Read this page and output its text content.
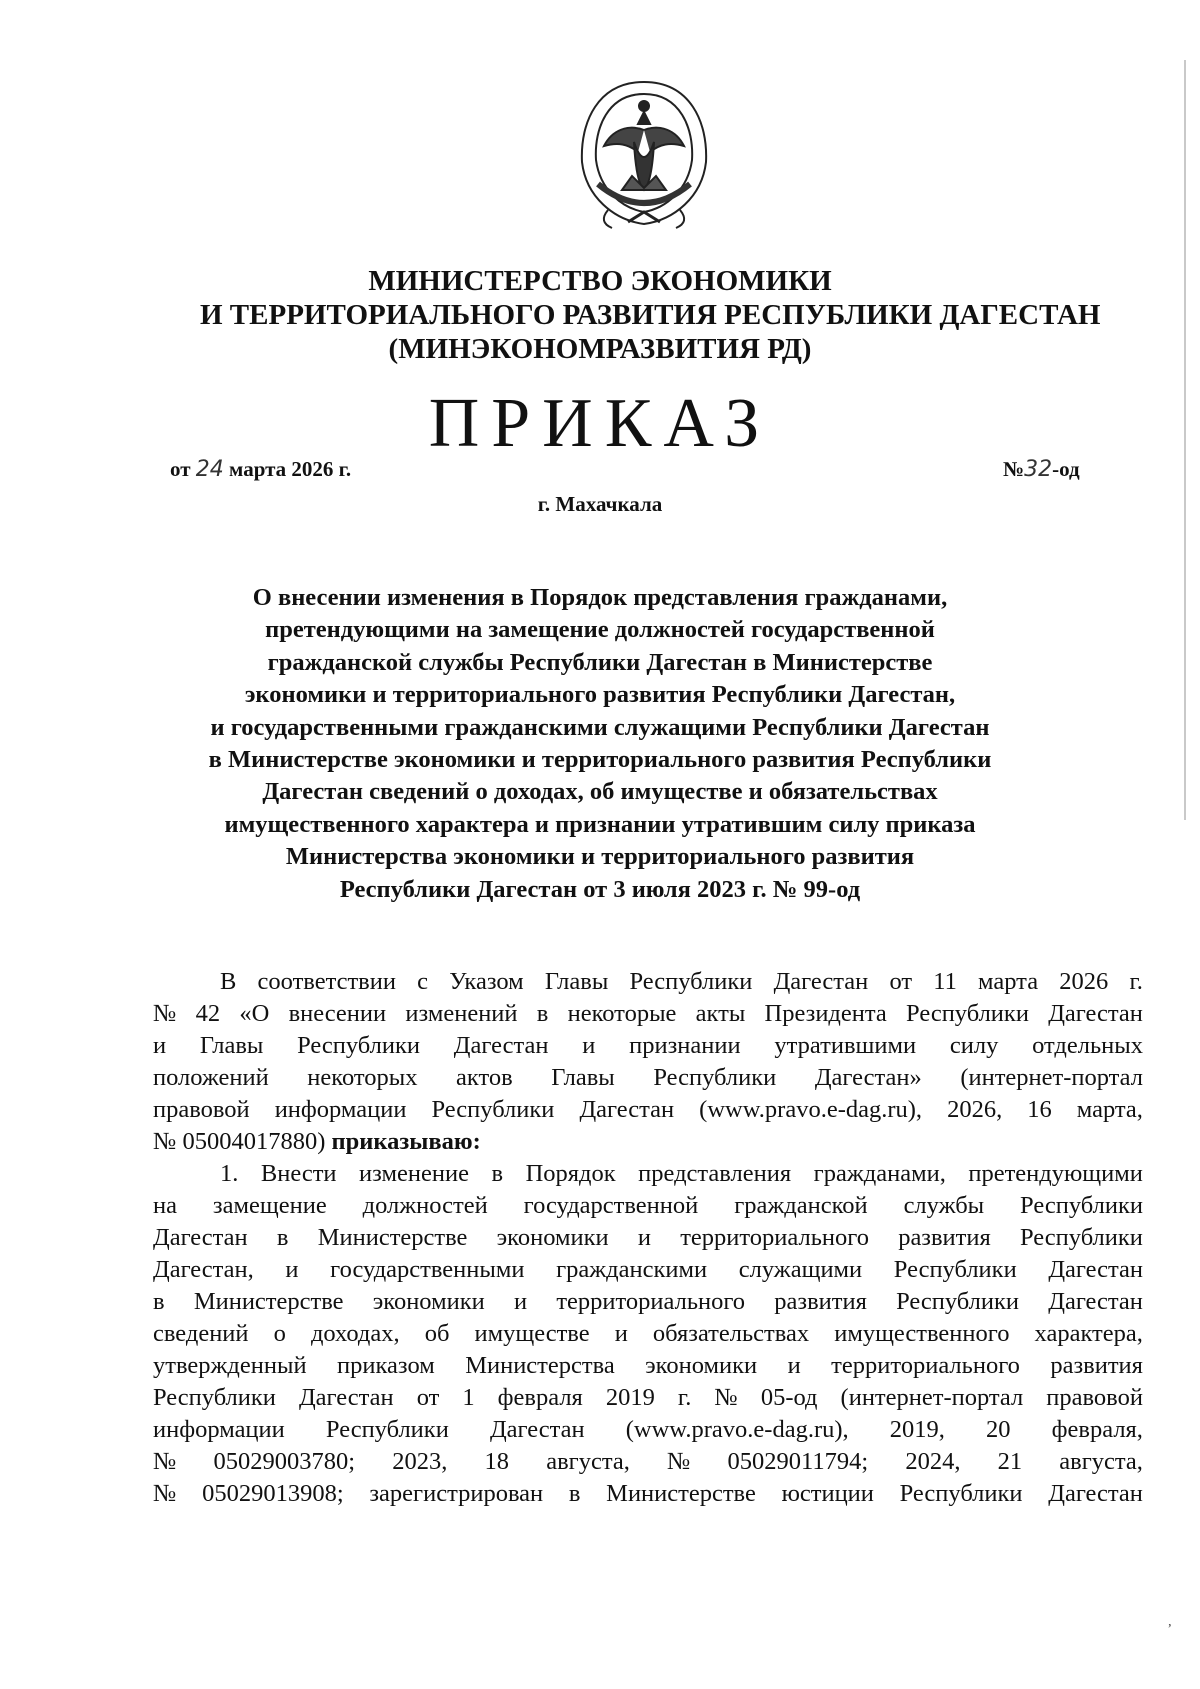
МИНИСТЕРСТВО ЭКОНОМИКИ
И ТЕРРИТОРИАЛЬНОГО РАЗВИТИЯ РЕСПУБЛИКИ ДАГЕСТАН
(МИНЭКОНОМРАЗВИТИЯ РД)
ПРИКАЗ
от 24 марта 2026 г.	№32-од
г. Махачкала
О внесении изменения в Порядок представления гражданами,
претендующими на замещение должностей государственной
гражданской службы Республики Дагестан в Министерстве
экономики и территориального развития Республики Дагестан,
и государственными гражданскими служащими Республики Дагестан
в Министерстве экономики и территориального развития Республики
Дагестан сведений о доходах, об имуществе и обязательствах
имущественного характера и признании утратившим силу приказа
Министерства экономики и территориального развития
Республики Дагестан от 3 июля 2023 г. № 99-од
В соответствии с Указом Главы Республики Дагестан от 11 марта 2026 г.
№ 42 «О внесении изменений в некоторые акты Президента Республики Дагестан
и Главы Республики Дагестан и признании утратившими силу отдельных
положений некоторых актов Главы Республики Дагестан» (интернет-портал
правовой информации Республики Дагестан (www.pravo.e-dag.ru), 2026, 16 марта,
№ 05004017880)
приказываю:
1. Внести изменение в Порядок представления гражданами, претендующими
на замещение должностей государственной гражданской службы Республики
Дагестан в Министерстве экономики и территориального развития Республики
Дагестан, и государственными гражданскими служащими Республики Дагестан
в Министерстве экономики и территориального развития Республики Дагестан
сведений о доходах, об имуществе и обязательствах имущественного характера,
утвержденный приказом Министерства экономики и территориального развития
Республики Дагестан от 1 февраля 2019 г. № 05-од (интернет-портал правовой
информации Республики Дагестан (www.pravo.e-dag.ru), 2019, 20 февраля,
№ 05029003780; 2023, 18 августа, № 05029011794; 2024, 21 августа,
№ 05029013908; зарегистрирован в Министерстве юстиции Республики Дагестан
’
